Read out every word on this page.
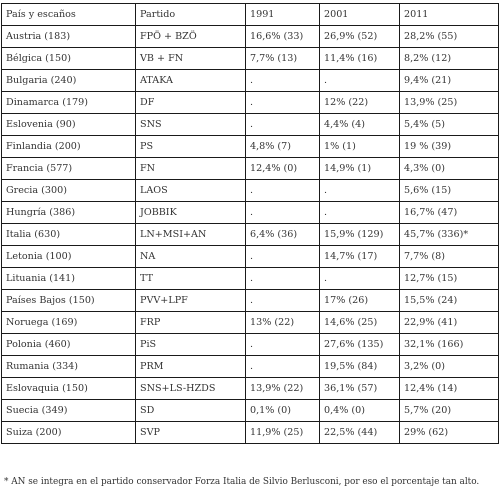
País y escaños	Partido	1991	2001	2011
Austria (183)	FPÖ + BZÖ	16,6% (33)	26,9% (52)	28,2% (55)
Bélgica (150)	VB + FN	7,7% (13)	11,4% (16)	8,2% (12)
Bulgaria (240)	ATAKA	.	.	9,4% (21)
Dinamarca (179)	DF	.	12% (22)	13,9% (25)
Eslovenia (90)	SNS	.	4,4% (4)	5,4% (5)
Finlandia (200)	PS	4,8% (7)	1% (1)	19 % (39)
Francia (577)	FN	12,4% (0)	14,9% (1)	4,3% (0)
Grecia (300)	LAOS	.	.	5,6% (15)
Hungría (386)	JOBBIK	.	.	16,7% (47)
Italia (630)	LN+MSI+AN	6,4% (36)	15,9% (129)	45,7% (336)*
Letonia (100)	NA	.	14,7% (17)	7,7% (8)
Lituania (141)	TT	.	.	12,7% (15)
Países Bajos (150)	PVV+LPF	.	17% (26)	15,5% (24)
Noruega (169)	FRP	13% (22)	14,6% (25)	22,9% (41)
Polonia (460)	PiS	.	27,6% (135)	32,1% (166)
Rumania (334)	PRM	.	19,5% (84)	3,2% (0)
Eslovaquia (150)	SNS+LS-HZDS	13,9% (22)	36,1% (57)	12,4% (14)
Suecia (349)	SD	0,1% (0)	0,4% (0)	5,7% (20)
Suiza (200)	SVP	11,9% (25)	22,5% (44)	29% (62)
* AN se integra en el partido conservador Forza Italia de Silvio Berlusconi, por eso el porcentaje tan alto.
